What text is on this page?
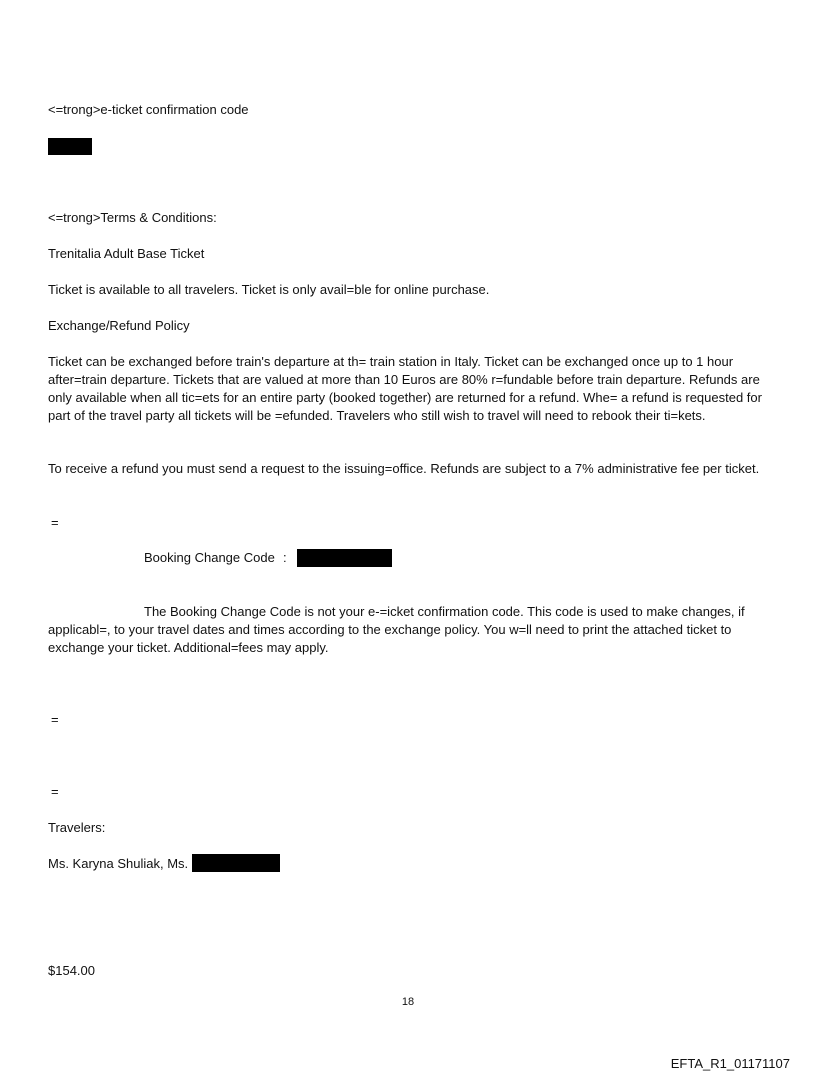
<=trong>e-ticket confirmation code
<=trong>Terms & Conditions:
Trenitalia Adult Base Ticket
Ticket is available to all travelers. Ticket is only avail=ble for online purchase.
Exchange/Refund Policy
Ticket can be exchanged before train's departure at th= train station in Italy. Ticket can be exchanged once up to 1 hour after=train departure. Tickets that are valued at more than 10 Euros are 80% r=fundable before train departure. Refunds are only available when all tic=ets for an entire party (booked together) are returned for a refund. Whe= a refund is requested for part of the travel party all tickets will be =efunded. Travelers who still wish to travel will need to rebook their ti=kets.
To receive a refund you must send a request to the issuing=office. Refunds are subject to a 7% administrative fee per ticket.
=
Booking Change Code :
The Booking Change Code is not your e-=icket confirmation code. This code is used to make changes, if applicabl=, to your travel dates and times according to the exchange policy. You w=ll need to print the attached ticket to exchange your ticket. Additional=fees may apply.
=
=
Travelers:
Ms. Karyna Shuliak, Ms.
$154.00
18
EFTA_R1_01171107
